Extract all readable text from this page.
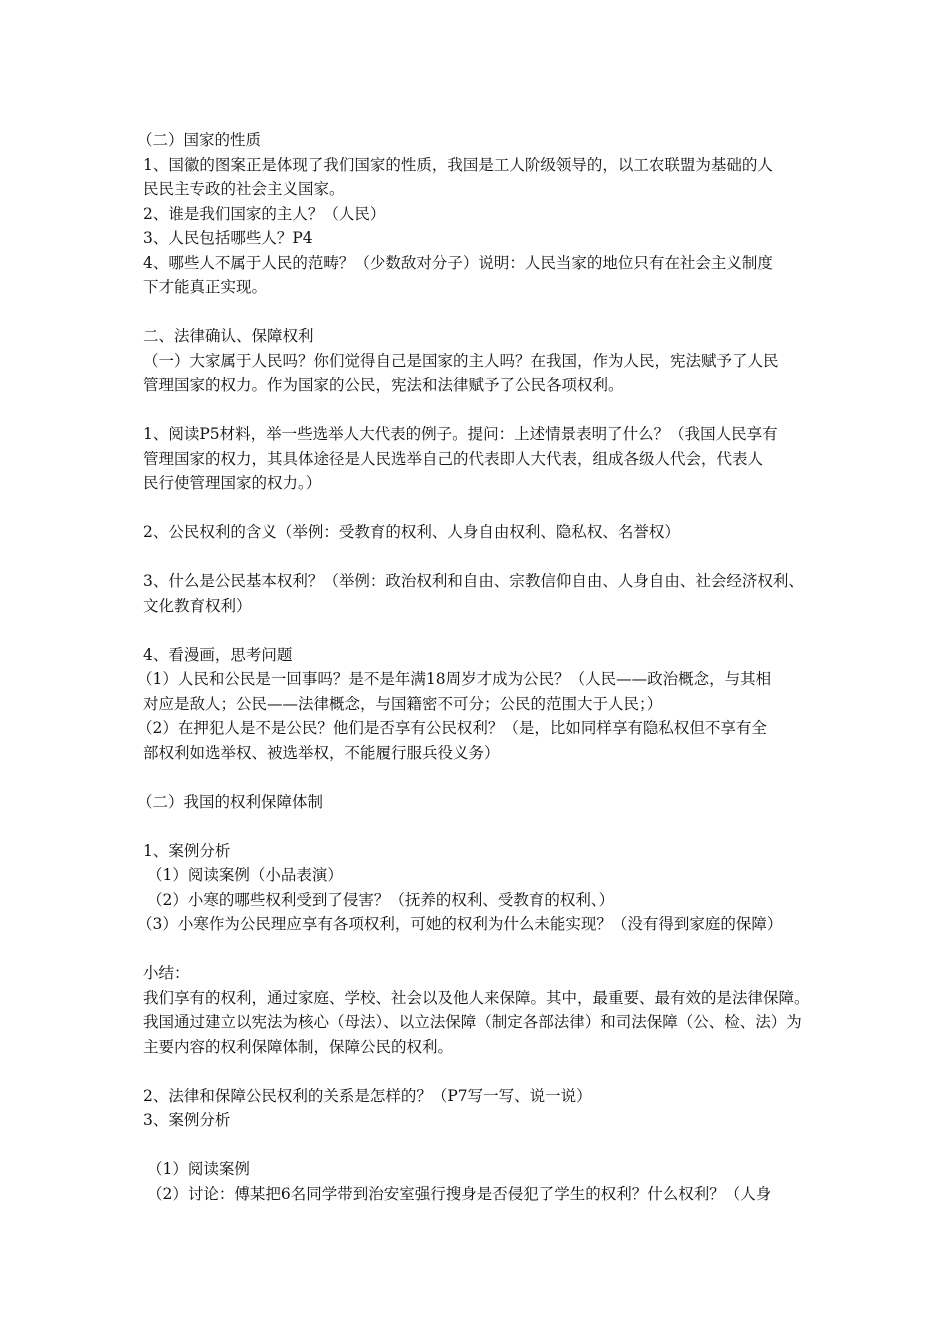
（二）国家的性质
1、国徽的图案正是体现了我们国家的性质，我国是工人阶级领导的，以工农联盟为基础的人
民民主专政的社会主义国家。
2、谁是我们国家的主人？（人民）
3、人民包括哪些人？P4
4、哪些人不属于人民的范畴？（少数敌对分子）说明：人民当家的地位只有在社会主义制度
下才能真正实现。
二、法律确认、保障权利
（一）大家属于人民吗？你们觉得自己是国家的主人吗？在我国，作为人民，宪法赋予了人民
管理国家的权力。作为国家的公民，宪法和法律赋予了公民各项权利。
1、阅读P5材料，举一些选举人大代表的例子。提问：上述情景表明了什么？（我国人民享有
管理国家的权力，其具体途径是人民选举自己的代表即人大代表，组成各级人代会，代表人
民行使管理国家的权力。）
2、公民权利的含义（举例：受教育的权利、人身自由权利、隐私权、名誉权）
3、什么是公民基本权利？（举例：政治权利和自由、宗教信仰自由、人身自由、社会经济权利、
文化教育权利）
4、看漫画，思考问题
（1）人民和公民是一回事吗？是不是年满18周岁才成为公民？（人民——政治概念，与其相
对应是敌人；公民——法律概念，与国籍密不可分；公民的范围大于人民；）
（2）在押犯人是不是公民？他们是否享有公民权利？（是，比如同样享有隐私权但不享有全
部权利如选举权、被选举权，不能履行服兵役义务）
（二）我国的权利保障体制
1、案例分析
（1）阅读案例（小品表演）
（2）小寒的哪些权利受到了侵害？（抚养的权利、受教育的权利、）
（3）小寒作为公民理应享有各项权利，可她的权利为什么未能实现？（没有得到家庭的保障）
小结：
我们享有的权利，通过家庭、学校、社会以及他人来保障。其中，最重要、最有效的是法律保障。
我国通过建立以宪法为核心（母法）、以立法保障（制定各部法律）和司法保障（公、检、法）为
主要内容的权利保障体制，保障公民的权利。
2、法律和保障公民权利的关系是怎样的？（P7写一写、说一说）
3、案例分析
（1）阅读案例
（2）讨论：傅某把6名同学带到治安室强行搜身是否侵犯了学生的权利？什么权利？（人身
